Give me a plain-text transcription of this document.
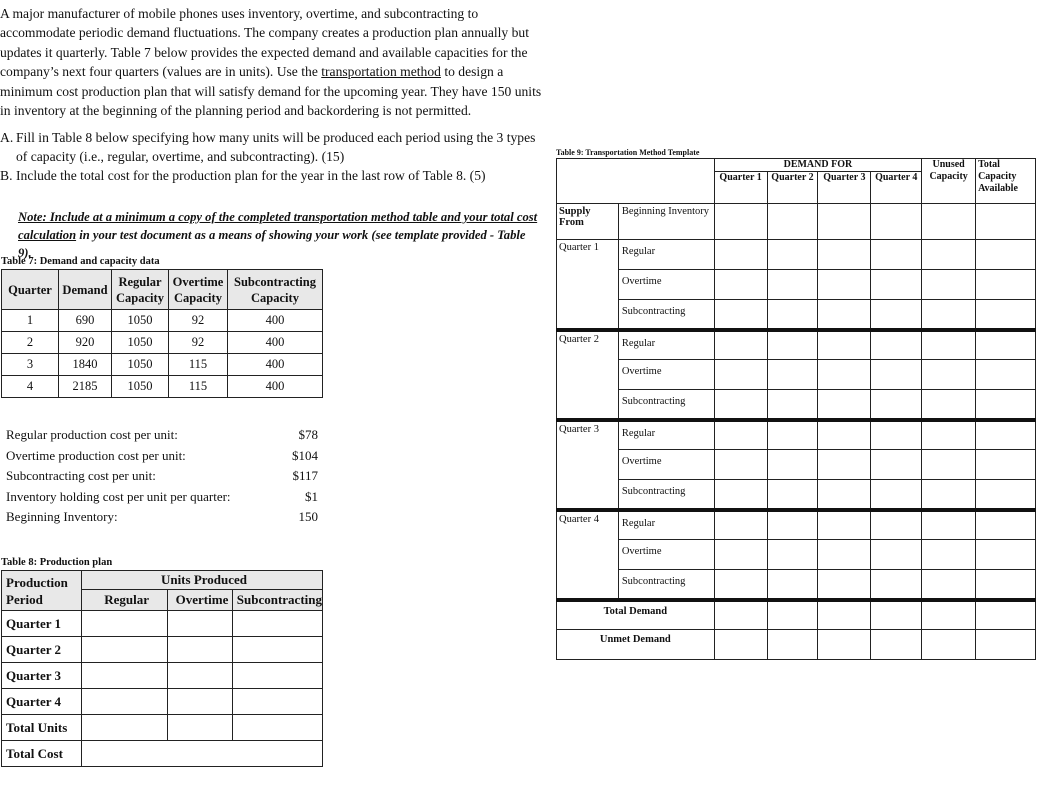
A major manufacturer of mobile phones uses inventory, overtime, and subcontracting to accommodate periodic demand fluctuations. The company creates a production plan annually but updates it quarterly. Table 7 below provides the expected demand and available capacities for the company’s next four quarters (values are in units). Use the transportation method to design a minimum cost production plan that will satisfy demand for the upcoming year. They have 150 units in inventory at the beginning of the planning period and backordering is not permitted.
A. Fill in Table 8 below specifying how many units will be produced each period using the 3 types of capacity (i.e., regular, overtime, and subcontracting). (15)
B. Include the total cost for the production plan for the year in the last row of Table 8. (5)
Note: Include at a minimum a copy of the completed transportation method table and your total cost calculation in your test document as a means of showing your work (see template provided - Table 9).
Table 7: Demand and capacity data
Quarter	Demand	Regular Capacity	Overtime Capacity	Subcontracting Capacity
1	690	1050	92	400
2	920	1050	92	400
3	1840	1050	115	400
4	2185	1050	115	400
Regular production cost per unit:	$78
Overtime production cost per unit:	$104
Subcontracting cost per unit:	$117
Inventory holding cost per unit per quarter:	$1
Beginning Inventory:	150
Table 8: Production plan
Production Period	Units Produced		
	Regular	Overtime	Subcontracting
Quarter 1			
Quarter 2			
Quarter 3			
Quarter 4			
Total Units			
Total Cost			
Table 9: Transportation Method Template
		DEMAND FOR				Unused Capacity	Total Capacity Available
		Quarter 1	Quarter 2	Quarter 3	Quarter 4		
Supply From	Beginning Inventory						
Quarter 1	Regular						
	Overtime						
	Subcontracting						
Quarter 2	Regular						
	Overtime						
	Subcontracting						
Quarter 3	Regular						
	Overtime						
	Subcontracting						
Quarter 4	Regular						
	Overtime						
	Subcontracting						
Total Demand							
Unmet Demand							
